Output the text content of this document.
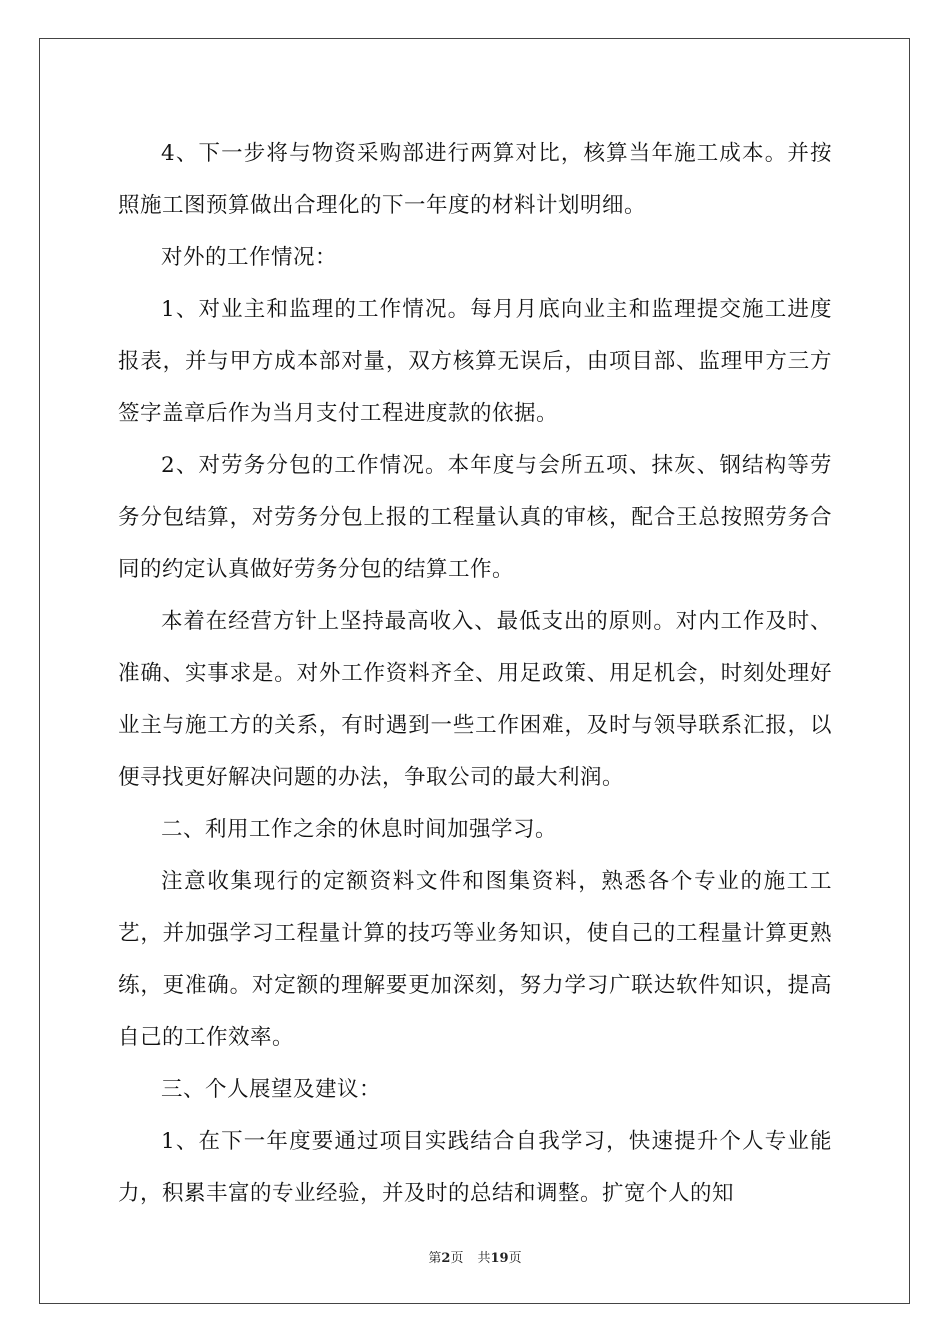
4、下一步将与物资采购部进行两算对比，核算当年施工成本。并按照施工图预算做出合理化的下一年度的材料计划明细。

对外的工作情况：

1、对业主和监理的工作情况。每月月底向业主和监理提交施工进度报表，并与甲方成本部对量，双方核算无误后，由项目部、监理甲方三方签字盖章后作为当月支付工程进度款的依据。

2、对劳务分包的工作情况。本年度与会所五项、抹灰、钢结构等劳务分包结算，对劳务分包上报的工程量认真的审核，配合王总按照劳务合同的约定认真做好劳务分包的结算工作。

本着在经营方针上坚持最高收入、最低支出的原则。对内工作及时、准确、实事求是。对外工作资料齐全、用足政策、用足机会，时刻处理好业主与施工方的关系，有时遇到一些工作困难，及时与领导联系汇报，以便寻找更好解决问题的办法，争取公司的最大利润。

二、利用工作之余的休息时间加强学习。

注意收集现行的定额资料文件和图集资料，熟悉各个专业的施工工艺，并加强学习工程量计算的技巧等业务知识，使自己的工程量计算更熟练，更准确。对定额的理解要更加深刻，努力学习广联达软件知识，提高自己的工作效率。

三、个人展望及建议：

1、在下一年度要通过项目实践结合自我学习，快速提升个人专业能力，积累丰富的专业经验，并及时的总结和调整。扩宽个人的知

第2页 共19页
